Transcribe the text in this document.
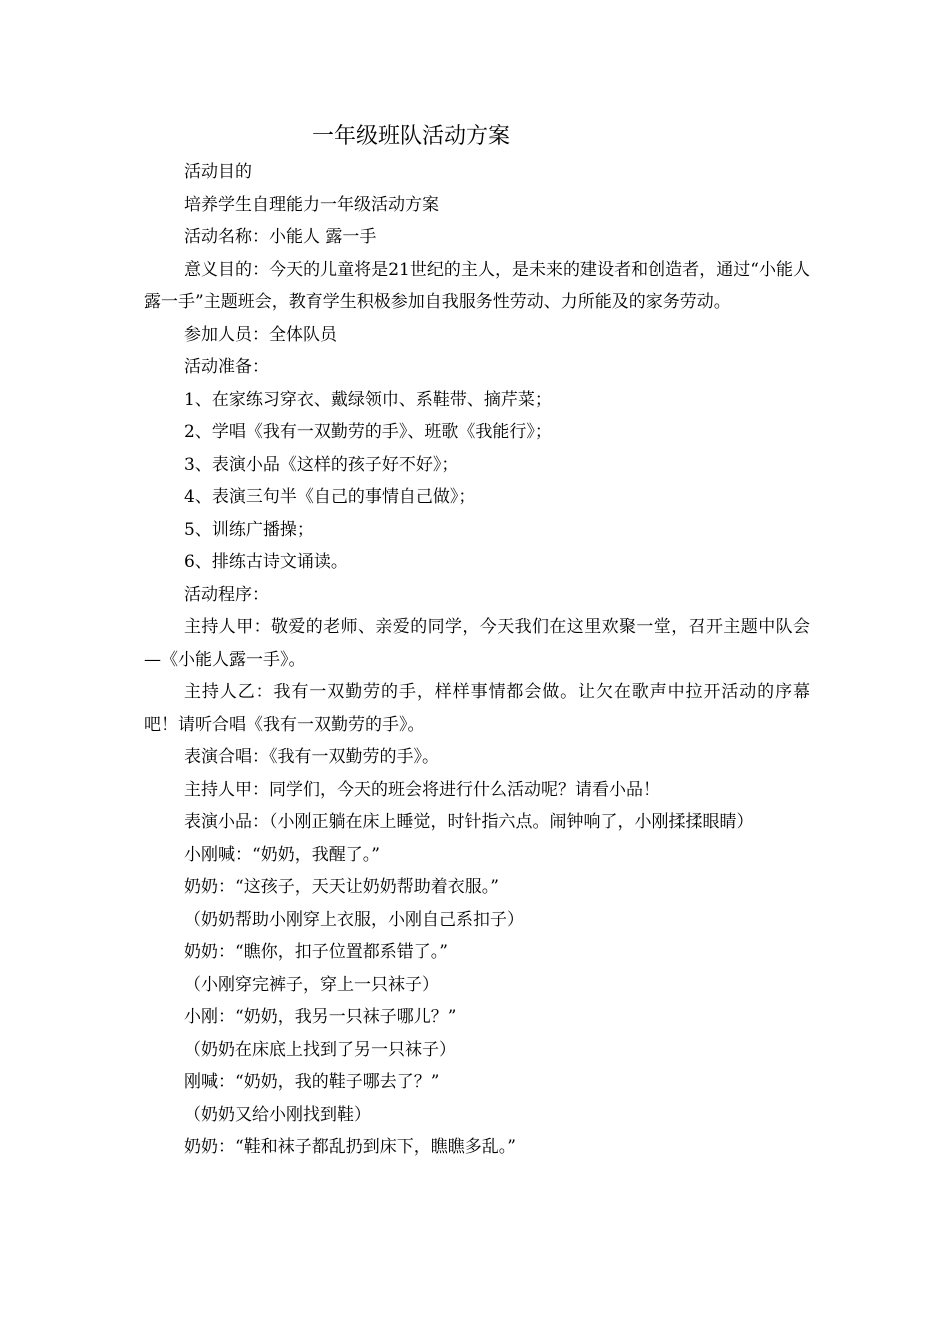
一年级班队活动方案

活动目的

培养学生自理能力一年级活动方案

活动名称：小能人 露一手

意义目的：今天的儿童将是21世纪的主人，是未来的建设者和创造者，通过“小能人露一手”主题班会，教育学生积极参加自我服务性劳动、力所能及的家务劳动。

参加人员：全体队员

活动准备：

1、在家练习穿衣、戴绿领巾、系鞋带、摘芹菜；

2、学唱《我有一双勤劳的手》、班歌《我能行》；

3、表演小品《这样的孩子好不好》；

4、表演三句半《自己的事情自己做》；

5、训练广播操；

6、排练古诗文诵读。

活动程序：

主持人甲：敬爱的老师、亲爱的同学，今天我们在这里欢聚一堂，召开主题中队会—《小能人露一手》。

主持人乙：我有一双勤劳的手，样样事情都会做。让欠在歌声中拉开活动的序幕吧！请听合唱《我有一双勤劳的手》。

表演合唱：《我有一双勤劳的手》。

主持人甲：同学们，今天的班会将进行什么活动呢？请看小品！

表演小品：（小刚正躺在床上睡觉，时针指六点。闹钟响了，小刚揉揉眼睛）

小刚喊：“奶奶，我醒了。”

奶奶：“这孩子，天天让奶奶帮助着衣服。”

（奶奶帮助小刚穿上衣服，小刚自己系扣子）

奶奶：“瞧你，扣子位置都系错了。”

（小刚穿完裤子，穿上一只袜子）

小刚：“奶奶，我另一只袜子哪儿？”

（奶奶在床底上找到了另一只袜子）

刚喊：“奶奶，我的鞋子哪去了？”

（奶奶又给小刚找到鞋）

奶奶：“鞋和袜子都乱扔到床下，瞧瞧多乱。”
